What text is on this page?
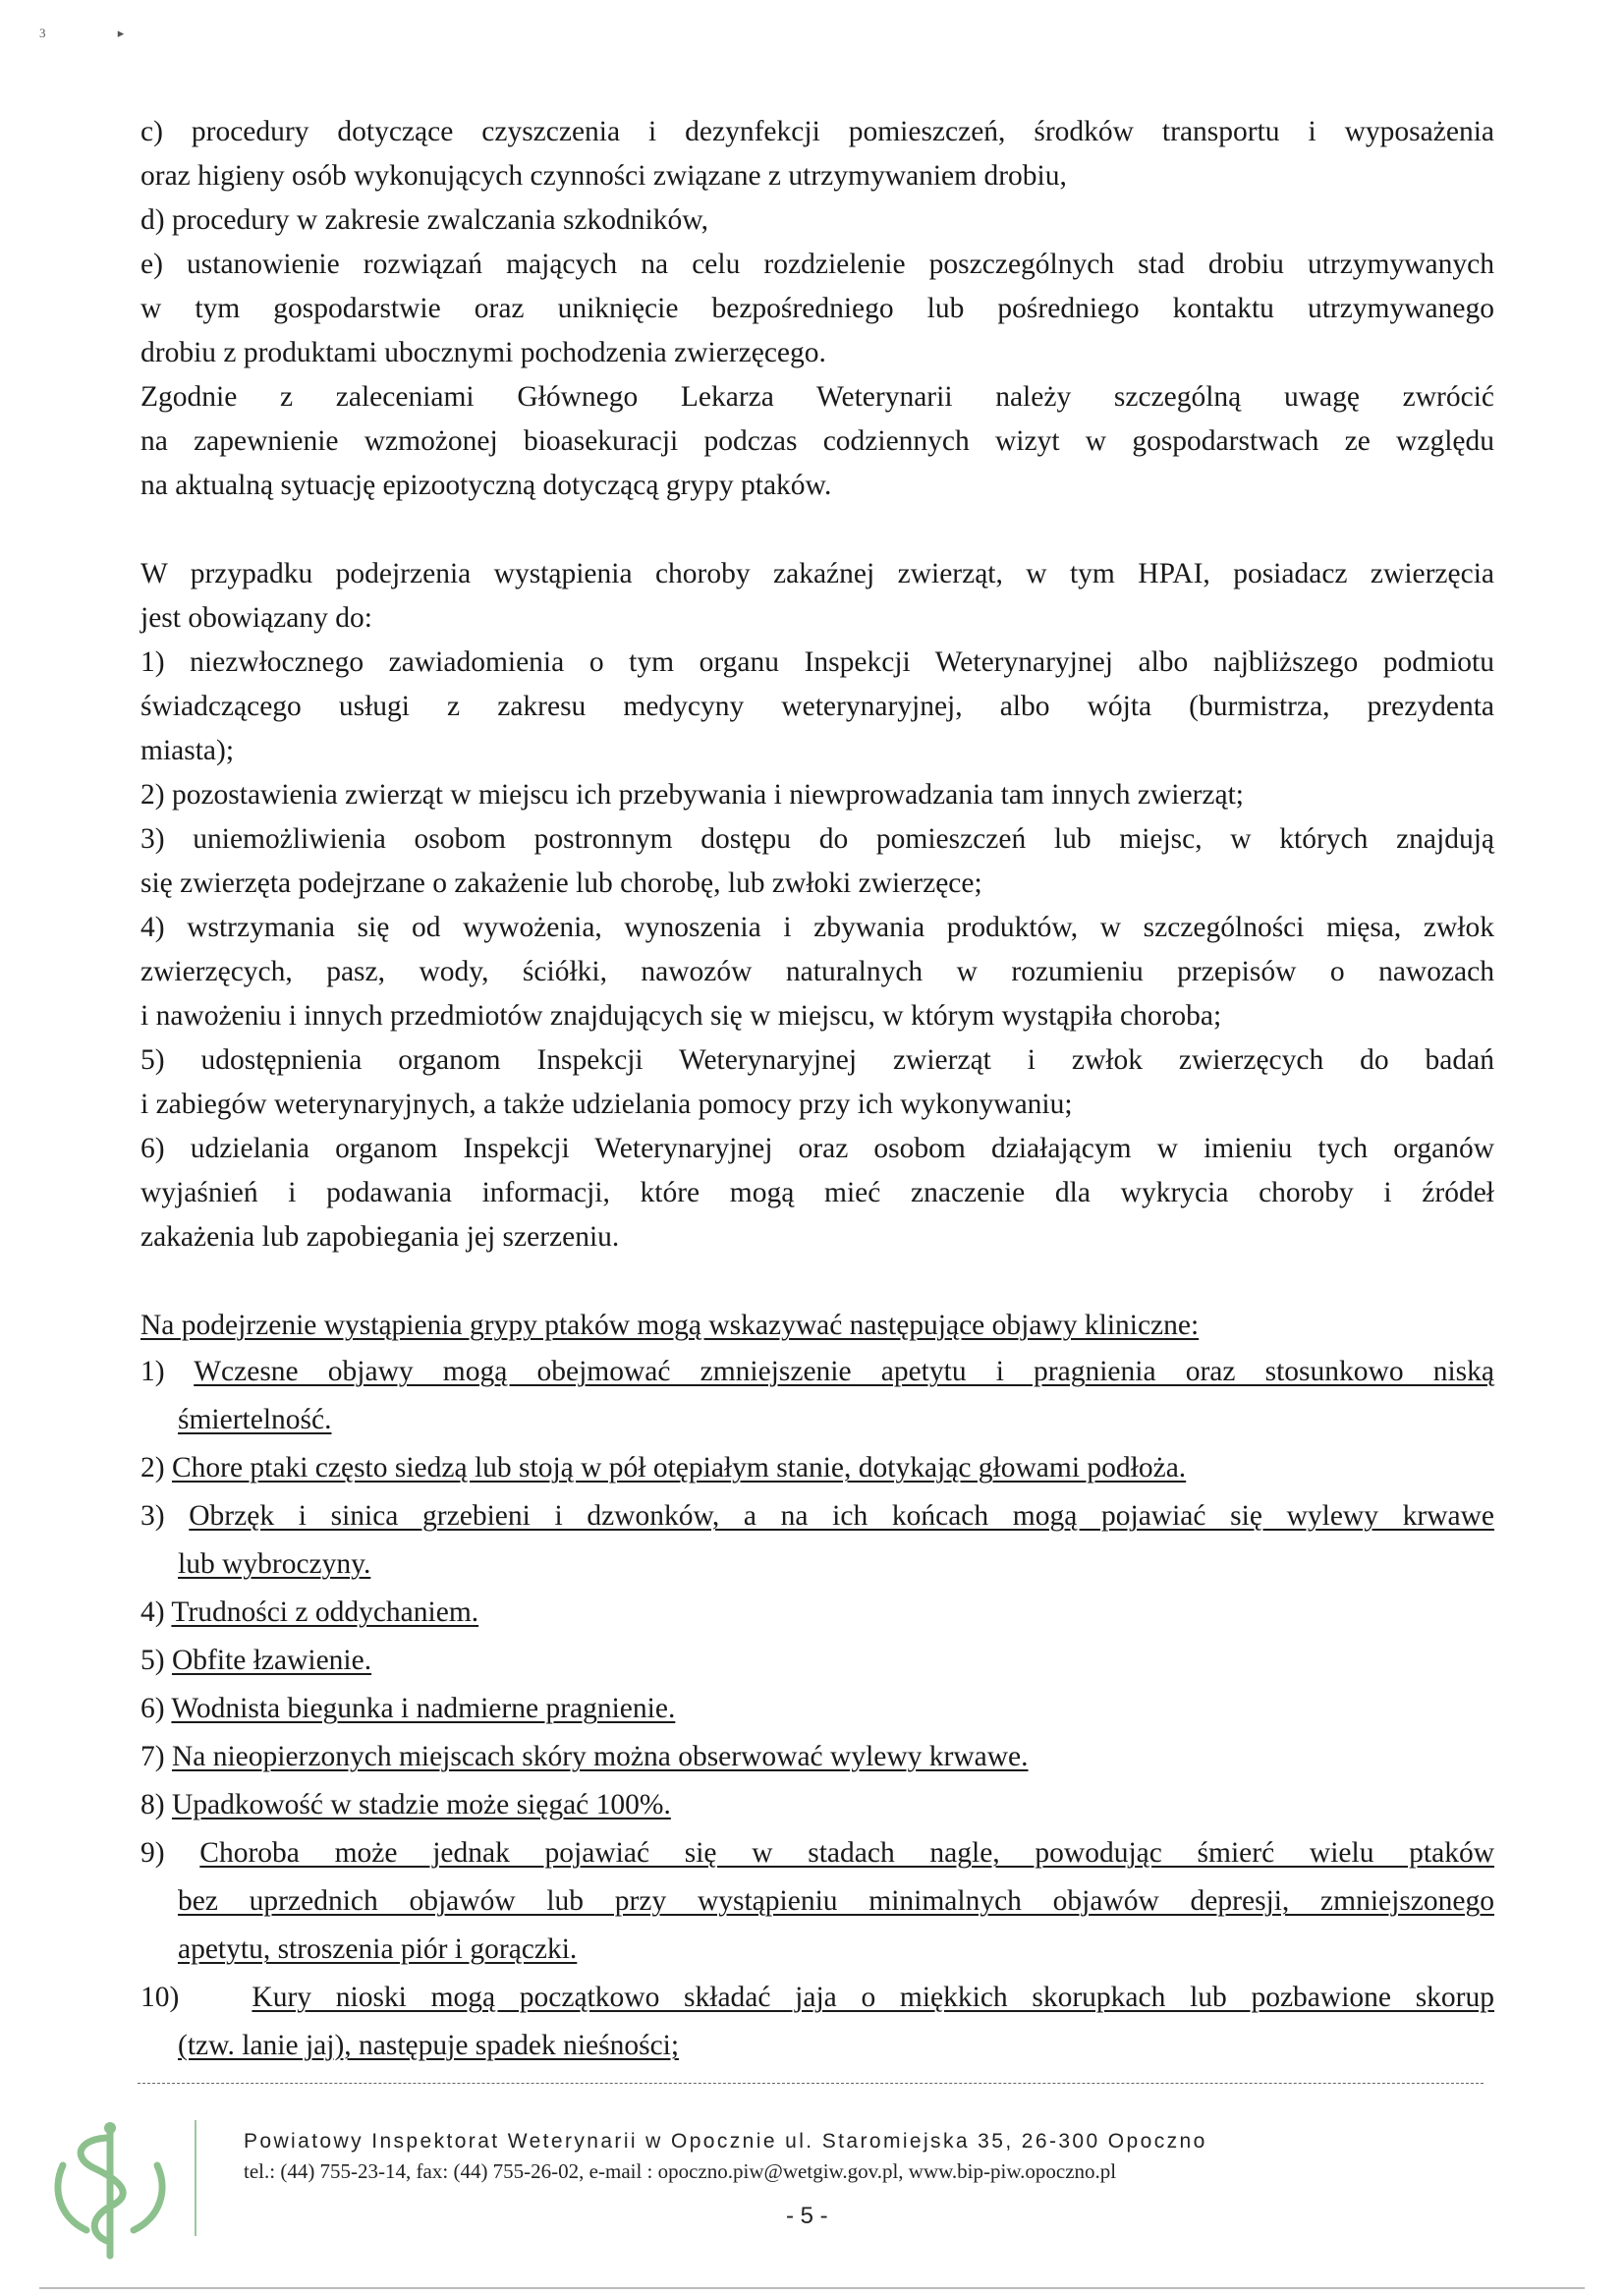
3	▸
c) procedury dotyczące czyszczenia i dezynfekcji pomieszczeń, środków transportu i wyposażenia
oraz higieny osób wykonujących czynności związane z utrzymywaniem drobiu,
d) procedury w zakresie zwalczania szkodników,
e) ustanowienie rozwiązań mających na celu rozdzielenie poszczególnych stad drobiu utrzymywanych
w tym gospodarstwie oraz uniknięcie bezpośredniego lub pośredniego kontaktu utrzymywanego
drobiu z produktami ubocznymi pochodzenia zwierzęcego.
Zgodnie z zaleceniami Głównego Lekarza Weterynarii należy szczególną uwagę zwrócić
na zapewnienie wzmożonej bioasekuracji podczas codziennych wizyt w gospodarstwach ze względu
na aktualną sytuację epizootyczną dotyczącą grypy ptaków.
W przypadku podejrzenia wystąpienia choroby zakaźnej zwierząt, w tym HPAI, posiadacz zwierzęcia
jest obowiązany do:
1) niezwłocznego zawiadomienia o tym organu Inspekcji Weterynaryjnej albo najbliższego podmiotu
świadczącego usługi z zakresu medycyny weterynaryjnej, albo wójta (burmistrza, prezydenta
miasta);
2) pozostawienia zwierząt w miejscu ich przebywania i niewprowadzania tam innych zwierząt;
3) uniemożliwienia osobom postronnym dostępu do pomieszczeń lub miejsc, w których znajdują
się zwierzęta podejrzane o zakażenie lub chorobę, lub zwłoki zwierzęce;
4) wstrzymania się od wywożenia, wynoszenia i zbywania produktów, w szczególności mięsa, zwłok
zwierzęcych, pasz, wody, ściółki, nawozów naturalnych w rozumieniu przepisów o nawozach
i nawożeniu i innych przedmiotów znajdujących się w miejscu, w którym wystąpiła choroba;
5) udostępnienia organom Inspekcji Weterynaryjnej zwierząt i zwłok zwierzęcych do badań
i zabiegów weterynaryjnych, a także udzielania pomocy przy ich wykonywaniu;
6) udzielania organom Inspekcji Weterynaryjnej oraz osobom działającym w imieniu tych organów
wyjaśnień i podawania informacji, które mogą mieć znaczenie dla wykrycia choroby i źródeł
zakażenia lub zapobiegania jej szerzeniu.
Na podejrzenie wystąpienia grypy ptaków mogą wskazywać następujące objawy kliniczne:
1) Wczesne objawy mogą obejmować zmniejszenie apetytu i pragnienia oraz stosunkowo niską
śmiertelność.
2) Chore ptaki często siedzą lub stoją w pół otępiałym stanie, dotykając głowami podłoża.
3) Obrzęk i sinica grzebieni i dzwonków, a na ich końcach mogą pojawiać się wylewy krwawe
lub wybroczyny.
4) Trudności z oddychaniem.
5) Obfite łzawienie.
6) Wodnista biegunka i nadmierne pragnienie.
7) Na nieopierzonych miejscach skóry można obserwować wylewy krwawe.
8) Upadkowość w stadzie może sięgać 100%.
9) Choroba może jednak pojawiać się w stadach nagle, powodując śmierć wielu ptaków
bez uprzednich objawów lub przy wystąpieniu minimalnych objawów depresji, zmniejszonego
apetytu, stroszenia piór i gorączki.
10)	Kury nioski mogą początkowo składać jaja o miękkich skorupkach lub pozbawione skorup
(tzw. lanie jaj), następuje spadek nieśności;
Powiatowy Inspektorat Weterynarii w Opocznie ul. Staromiejska 35, 26-300 Opoczno
tel.: (44) 755-23-14, fax: (44) 755-26-02, e-mail : opoczno.piw@wetgiw.gov.pl, www.bip-piw.opoczno.pl
- 5 -
